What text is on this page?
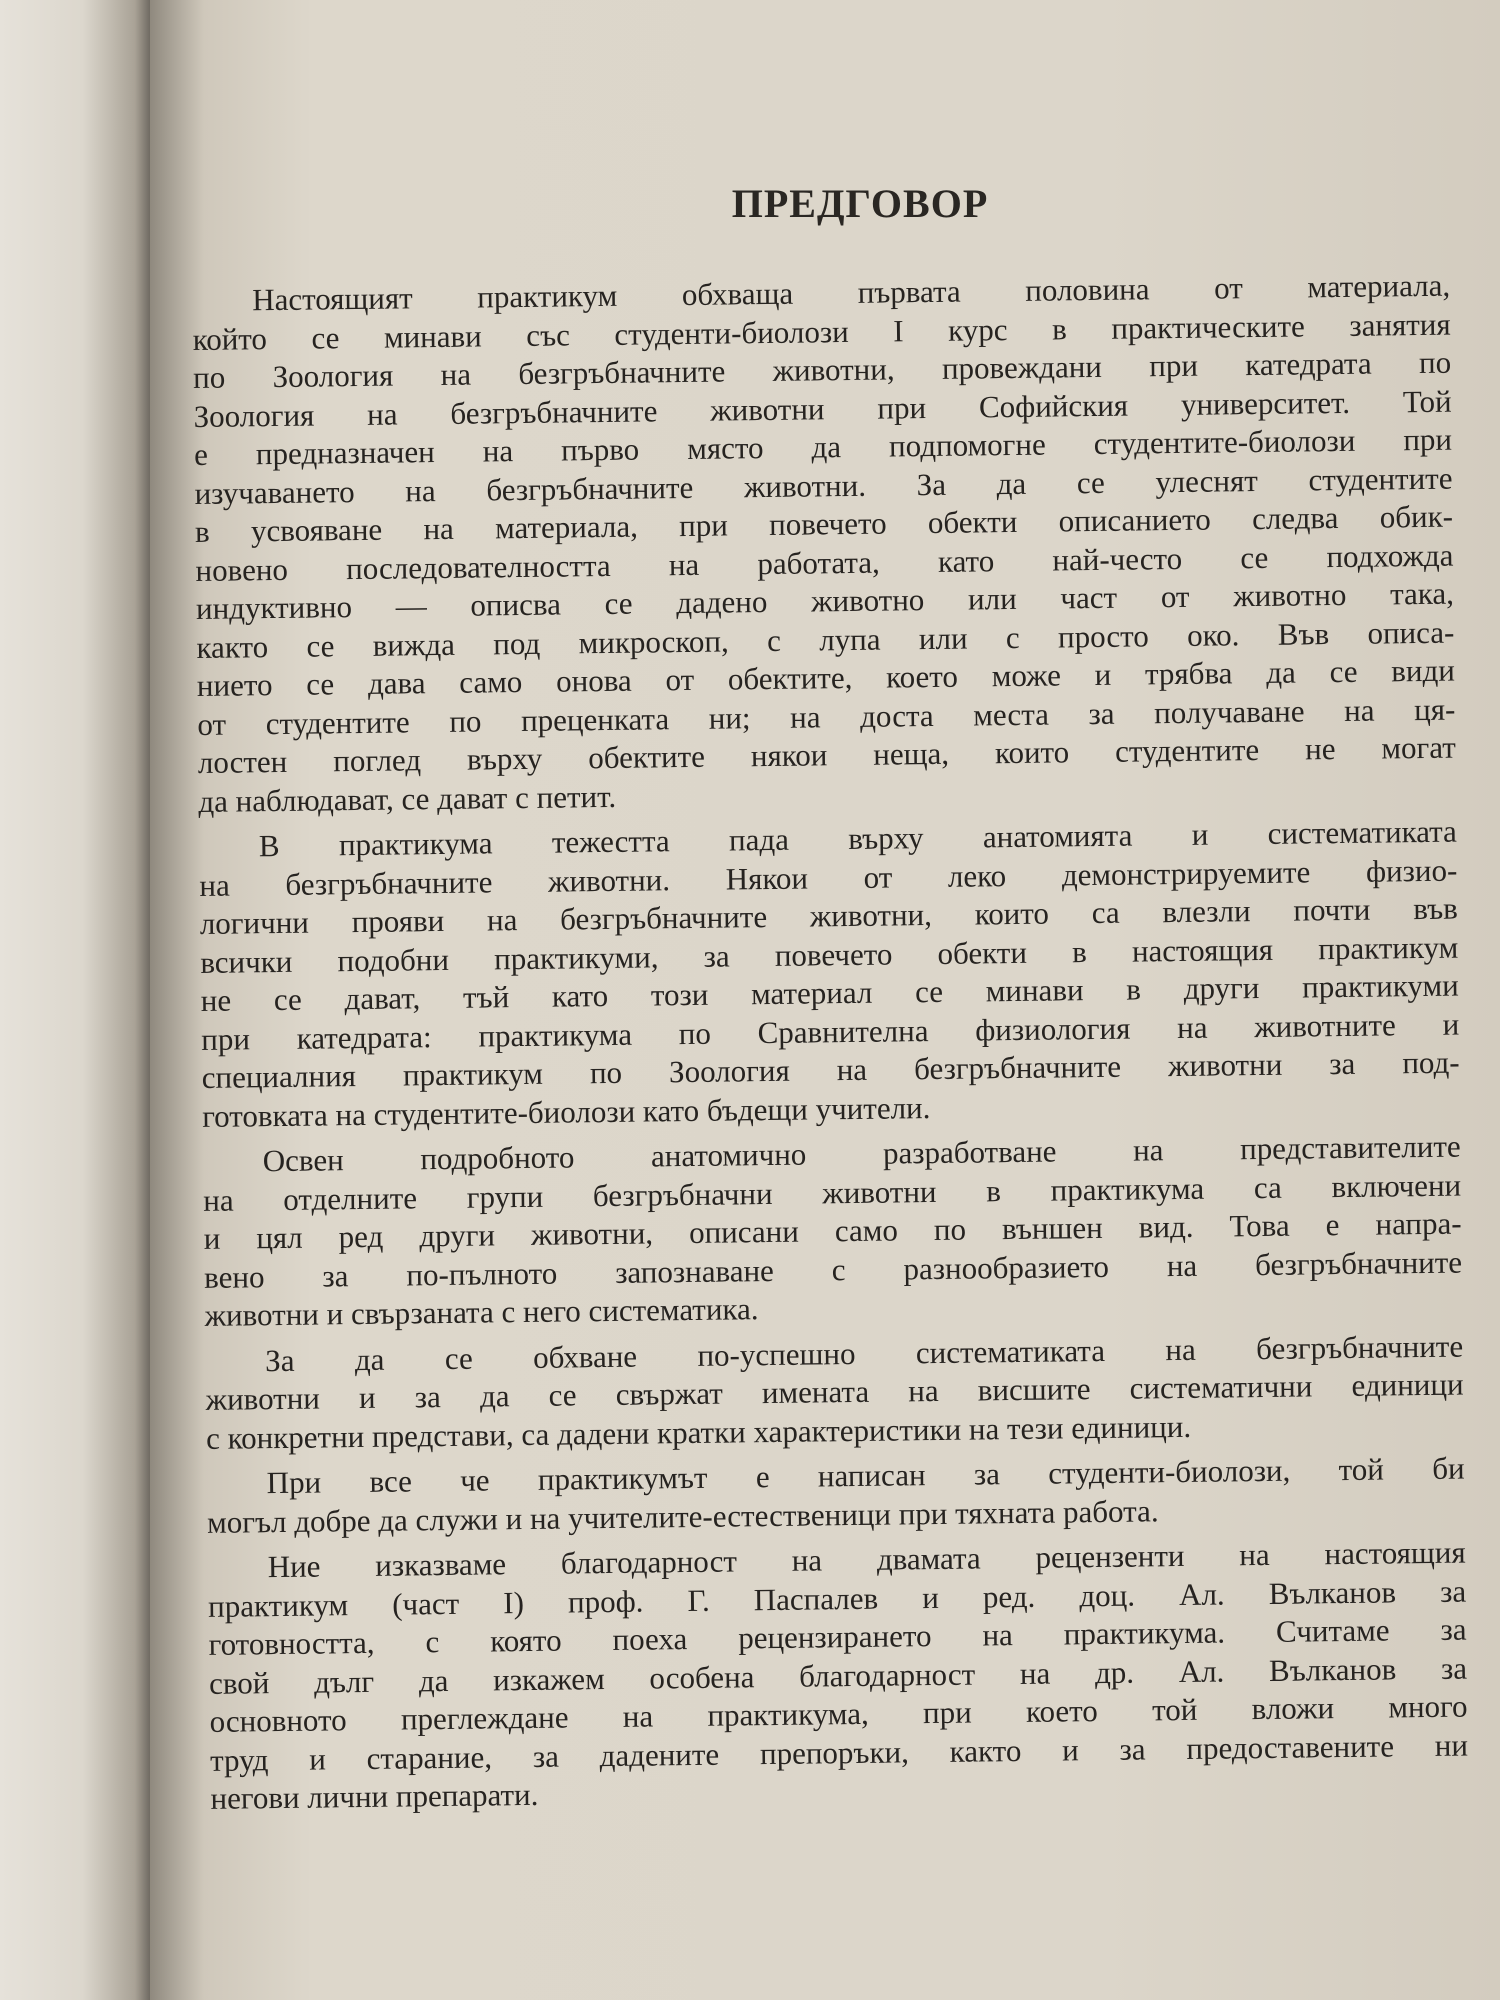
ПРЕДГОВОР
Настоящият практикум обхваща първата половина от материала,
който се минави със студенти-биолози I курс в практическите занятия
по Зоология на безгръбначните животни, провеждани при катедрата по
Зоология на безгръбначните животни при Софийския университет. Той
е предназначен на първо място да подпомогне студентите-биолози при
изучаването на безгръбначните животни. За да се улеснят студентите
в усвояване на материала, при повечето обекти описанието следва обик-
новено последователността на работата, като най-често се подхожда
индуктивно — описва се дадено животно или част от животно така,
както се вижда под микроскоп, с лупа или с просто око. Във описа-
нието се дава само онова от обектите, което може и трябва да се види
от студентите по преценката ни; на доста места за получаване на ця-
лостен поглед върху обектите някои неща, които студентите не могат
да наблюдават, се дават с петит.
В практикума тежестта пада върху анатомията и систематиката
на безгръбначните животни. Някои от леко демонстрируемите физио-
логични прояви на безгръбначните животни, които са влезли почти във
всички подобни практикуми, за повечето обекти в настоящия практикум
не се дават, тъй като този материал се минави в други практикуми
при катедрата: практикума по Сравнителна физиология на животните и
специалния практикум по Зоология на безгръбначните животни за под-
готовката на студентите-биолози като бъдещи учители.
Освен подробното анатомично разработване на представителите
на отделните групи безгръбначни животни в практикума са включени
и цял ред други животни, описани само по външен вид. Това е напра-
вено за по-пълното запознаване с разнообразието на безгръбначните
животни и свързаната с него систематика.
За да се обхване по-успешно систематиката на безгръбначните
животни и за да се свържат имената на висшите систематични единици
с конкретни представи, са дадени кратки характеристики на тези единици.
При все че практикумът е написан за студенти-биолози, той би
могъл добре да служи и на учителите-естественици при тяхната работа.
Ние изказваме благодарност на двамата рецензенти на настоящия
практикум (част I) проф. Г. Паспалев и ред. доц. Ал. Вълканов за
готовността, с която поеха рецензирането на практикума. Считаме за
свой дълг да изкажем особена благодарност на др. Ал. Вълканов за
основното преглеждане на практикума, при което той вложи много
труд и старание, за дадените препоръки, както и за предоставените ни
негови лични препарати.
